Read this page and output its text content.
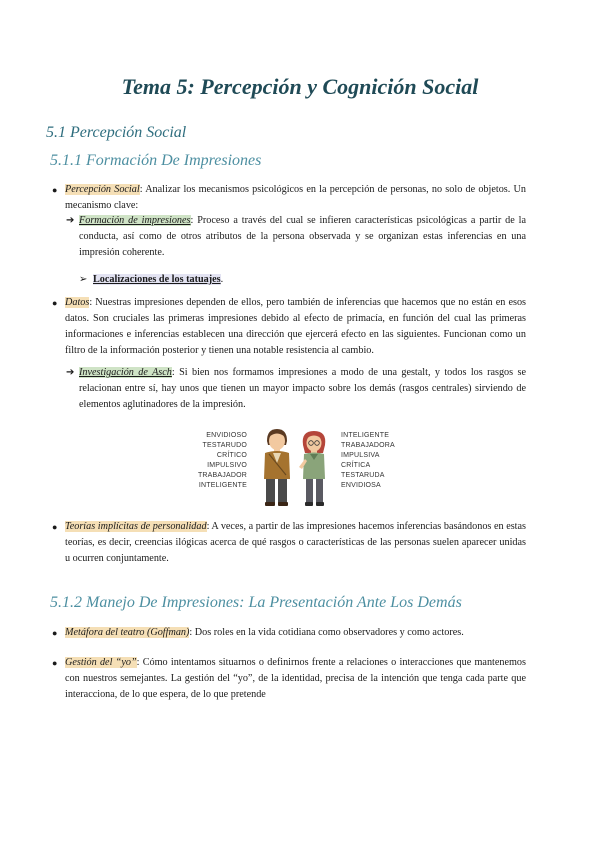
Tema 5: Percepción y Cognición Social
5.1 Percepción Social
5.1.1 Formación De Impresiones
● Percepción Social: Analizar los mecanismos psicológicos en la percepción de personas, no solo de objetos. Un mecanismo clave:
➔ Formación de impresiones: Proceso a través del cual se infieren características psicológicas a partir de la conducta, así como de otros atributos de la persona observada y se organizan estas inferencias en una impresión coherente.
➢ Localizaciones de los tatuajes.
● Datos: Nuestras impresiones dependen de ellos, pero también de inferencias que hacemos que no están en esos datos. Son cruciales las primeras impresiones debido al efecto de primacía, en función del cual las primeras informaciones e inferencias establecen una dirección que ejercerá efecto en las siguientes. Funcionan como un filtro de la información posterior y tienen una notable resistencia al cambio.
➔ Investigación de Asch: Si bien nos formamos impresiones a modo de una gestalt, y todos los rasgos se relacionan entre sí, hay unos que tienen un mayor impacto sobre los demás (rasgos centrales) sirviendo de elementos aglutinadores de la impresión.
ENVIDIOSO
TESTARUDO
CRÍTICO
IMPULSIVO
TRABAJADOR
INTELIGENTE
INTELIGENTE
TRABAJADORA
IMPULSIVA
CRÍTICA
TESTARUDA
ENVIDIOSA
● Teorías implícitas de personalidad: A veces, a partir de las impresiones hacemos inferencias basándonos en estas teorías, es decir, creencias ilógicas acerca de qué rasgos o características de las personas suelen aparecer unidas u ocurren conjuntamente.
5.1.2 Manejo De Impresiones: La Presentación Ante Los Demás
● Metáfora del teatro (Goffman): Dos roles en la vida cotidiana como observadores y como actores.
● Gestión del “yo”: Cómo intentamos situarnos o definirnos frente a relaciones o interacciones que mantenemos con nuestros semejantes. La gestión del “yo”, de la identidad, precisa de la intención que tenga cada parte que interacciona, de lo que espera, de lo que pretende
